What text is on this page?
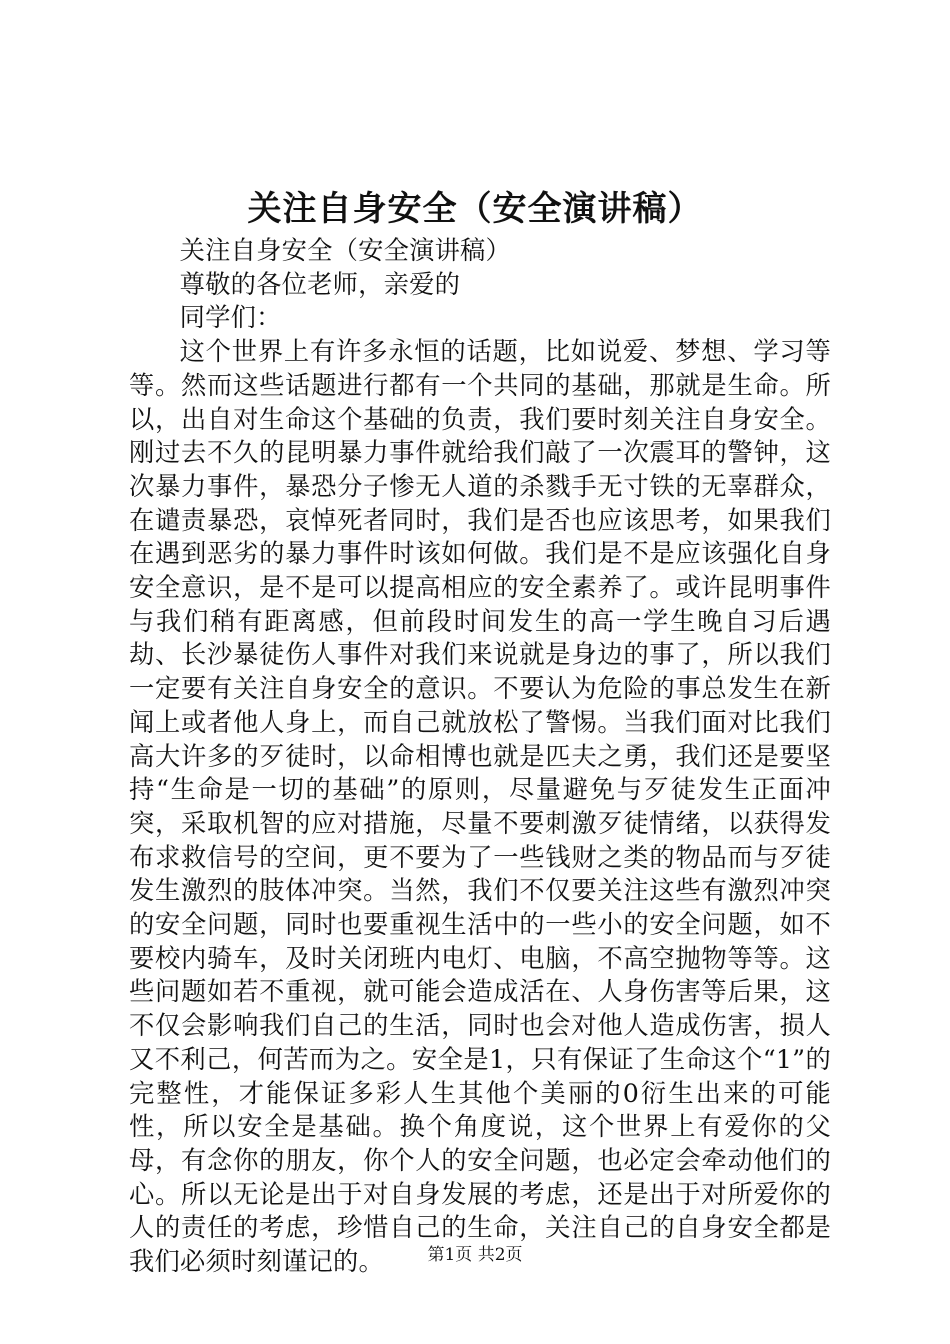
关注自身安全（安全演讲稿）

关注自身安全（安全演讲稿）

尊敬的各位老师，亲爱的

同学们：

这个世界上有许多永恒的话题，比如说爱、梦想、学习等等。然而这些话题进行都有一个共同的基础，那就是生命。所以，出自对生命这个基础的负责，我们要时刻关注自身安全。刚过去不久的昆明暴力事件就给我们敲了一次震耳的警钟，这次暴力事件，暴恐分子惨无人道的杀戮手无寸铁的无辜群众，在谴责暴恐，哀悼死者同时，我们是否也应该思考，如果我们在遇到恶劣的暴力事件时该如何做。我们是不是应该强化自身安全意识，是不是可以提高相应的安全素养了。或许昆明事件与我们稍有距离感，但前段时间发生的高一学生晚自习后遇劫、长沙暴徒伤人事件对我们来说就是身边的事了，所以我们一定要有关注自身安全的意识。不要认为危险的事总发生在新闻上或者他人身上，而自己就放松了警惕。当我们面对比我们高大许多的歹徒时，以命相博也就是匹夫之勇，我们还是要坚持“生命是一切的基础”的原则，尽量避免与歹徒发生正面冲突，采取机智的应对措施，尽量不要刺激歹徒情绪，以获得发布求救信号的空间，更不要为了一些钱财之类的物品而与歹徒发生激烈的肢体冲突。当然，我们不仅要关注这些有激烈冲突的安全问题，同时也要重视生活中的一些小的安全问题，如不要校内骑车，及时关闭班内电灯、电脑，不高空抛物等等。这些问题如若不重视，就可能会造成活在、人身伤害等后果，这不仅会影响我们自己的生活，同时也会对他人造成伤害，损人又不利己，何苦而为之。安全是1，只有保证了生命这个“1”的完整性，才能保证多彩人生其他个美丽的0衍生出来的可能性，所以安全是基础。换个角度说，这个世界上有爱你的父母，有念你的朋友，你个人的安全问题，也必定会牵动他们的心。所以无论是出于对自身发展的考虑，还是出于对所爱你的人的责任的考虑，珍惜自己的生命，关注自己的自身安全都是我们必须时刻谨记的。	第1页 共2页
